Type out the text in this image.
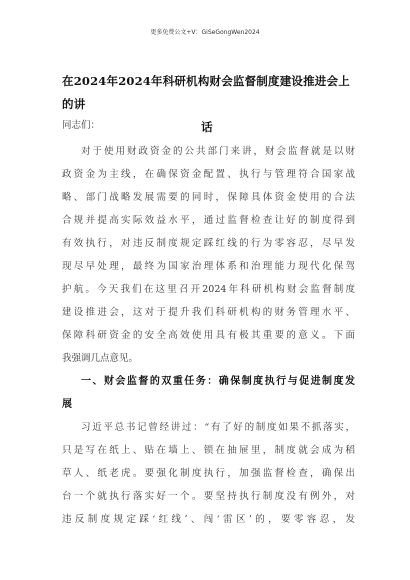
更多免费公文+V：GiSeGongWen2024
在2024年2024年科研机构财会监督制度建设推进会上的讲
话
同志们：
对于使用财政资金的公共部门来讲，财会监督就是以财
政资金为主线，在确保资金配置、执行与管理符合国家战
略、部门战略发展需要的同时，保障具体资金使用的合法
合规并提高实际效益水平，通过监督检查让好的制度得到
有效执行，对违反制度规定踩红线的行为零容忍，尽早发
现尽早处理，最终为国家治理体系和治理能力现代化保驾
护航。今天我们在这里召开2024年科研机构财会监督制度
建设推进会，这对于提升我们科研机构的财务管理水平、
保障科研资金的安全高效使用具有极其重要的意义。下面
我强调几点意见。
一、财会监督的双重任务：确保制度执行与促进制度发
展
习近平总书记曾经讲过：“有了好的制度如果不抓落实，
只是写在纸上、贴在墙上、锁在抽屉里，制度就会成为稻
草人、纸老虎。要强化制度执行，加强监督检查，确保出
台一个就执行落实好一个。要坚持执行制度没有例外，对
违反制度规定踩‘红线’、闯‘雷区’的，要零容忍，发
